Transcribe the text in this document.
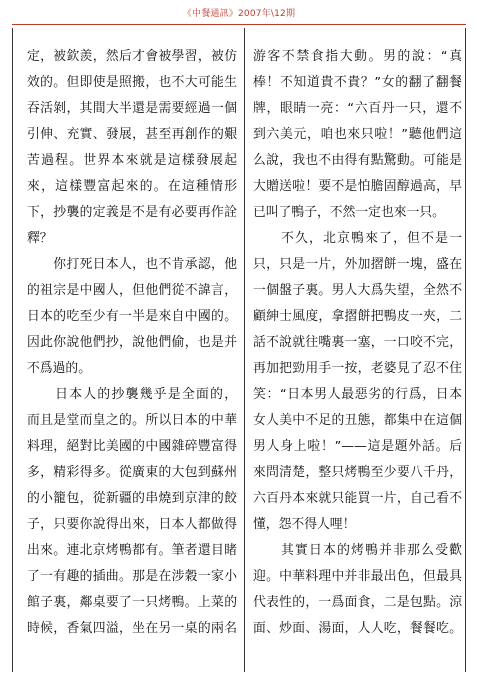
《中餐通訊》2007年\12期
定，被欽羨，然后才會被學習，被仿
效的。但即使是照搬，也不大可能生
吞活剝，其間大半還是需要經過一個
引伸、充實、發展，甚至再創作的艱
苦過程。世界本來就是這樣發展起
來，這樣豐富起來的。在這種情形
下，抄襲的定義是不是有必要再作詮
釋？
　　你打死日本人，也不肯承認，他
的祖宗是中國人，但他們從不諱言，
日本的吃至少有一半是來自中國的。
因此你說他們抄，說他們偷，也是并
不爲過的。
　　日本人的抄襲幾乎是全面的，
而且是堂而皇之的。所以日本的中華
料理，絕對比美國的中國雜碎豐富得
多，精彩得多。從廣東的大包到蘇州
的小籠包，從新疆的串燒到京津的餃
子，只要你說得出來，日本人都做得
出來。連北京烤鴨都有。筆者還目睹
了一有趣的插曲。那是在涉穀一家小
館子裏，鄰桌要了一只烤鴨。上菜的
時候，香氣四溢，坐在另一桌的兩名
游客不禁食指大動。男的說：“真
棒！不知道貴不貴？”女的翻了翻餐
牌，眼睛一亮：“六百丹一只，還不
到六美元，咱也來只啦！”聽他們這
么說，我也不由得有點驚動。可能是
大贈送啦！要不是怕膽固醇過高，早
已叫了鴨子，不然一定也來一只。
　　不久，北京鴨來了，但不是一
只，只是一片，外加摺餅一塊，盛在
一個盤子裏。男人大爲失望，全然不
顧紳士風度，拿摺餅把鴨皮一夾，二
話不說就往嘴裏一塞，一口咬不完，
再加把勁用手一按，老婆見了忍不住
笑：“日本男人最惡劣的行爲，日本
女人美中不足的丑態，都集中在這個
男人身上啦！”——這是題外話。后
來問清楚，整只烤鴨至少要八千丹，
六百丹本來就只能買一片，自己看不
懂，怨不得人哩！
　　其實日本的烤鴨并非那么受歡
迎。中華料理中并非最出色，但最具
代表性的，一爲面食，二是包點。涼
面、炒面、湯面，人人吃，餐餐吃。
